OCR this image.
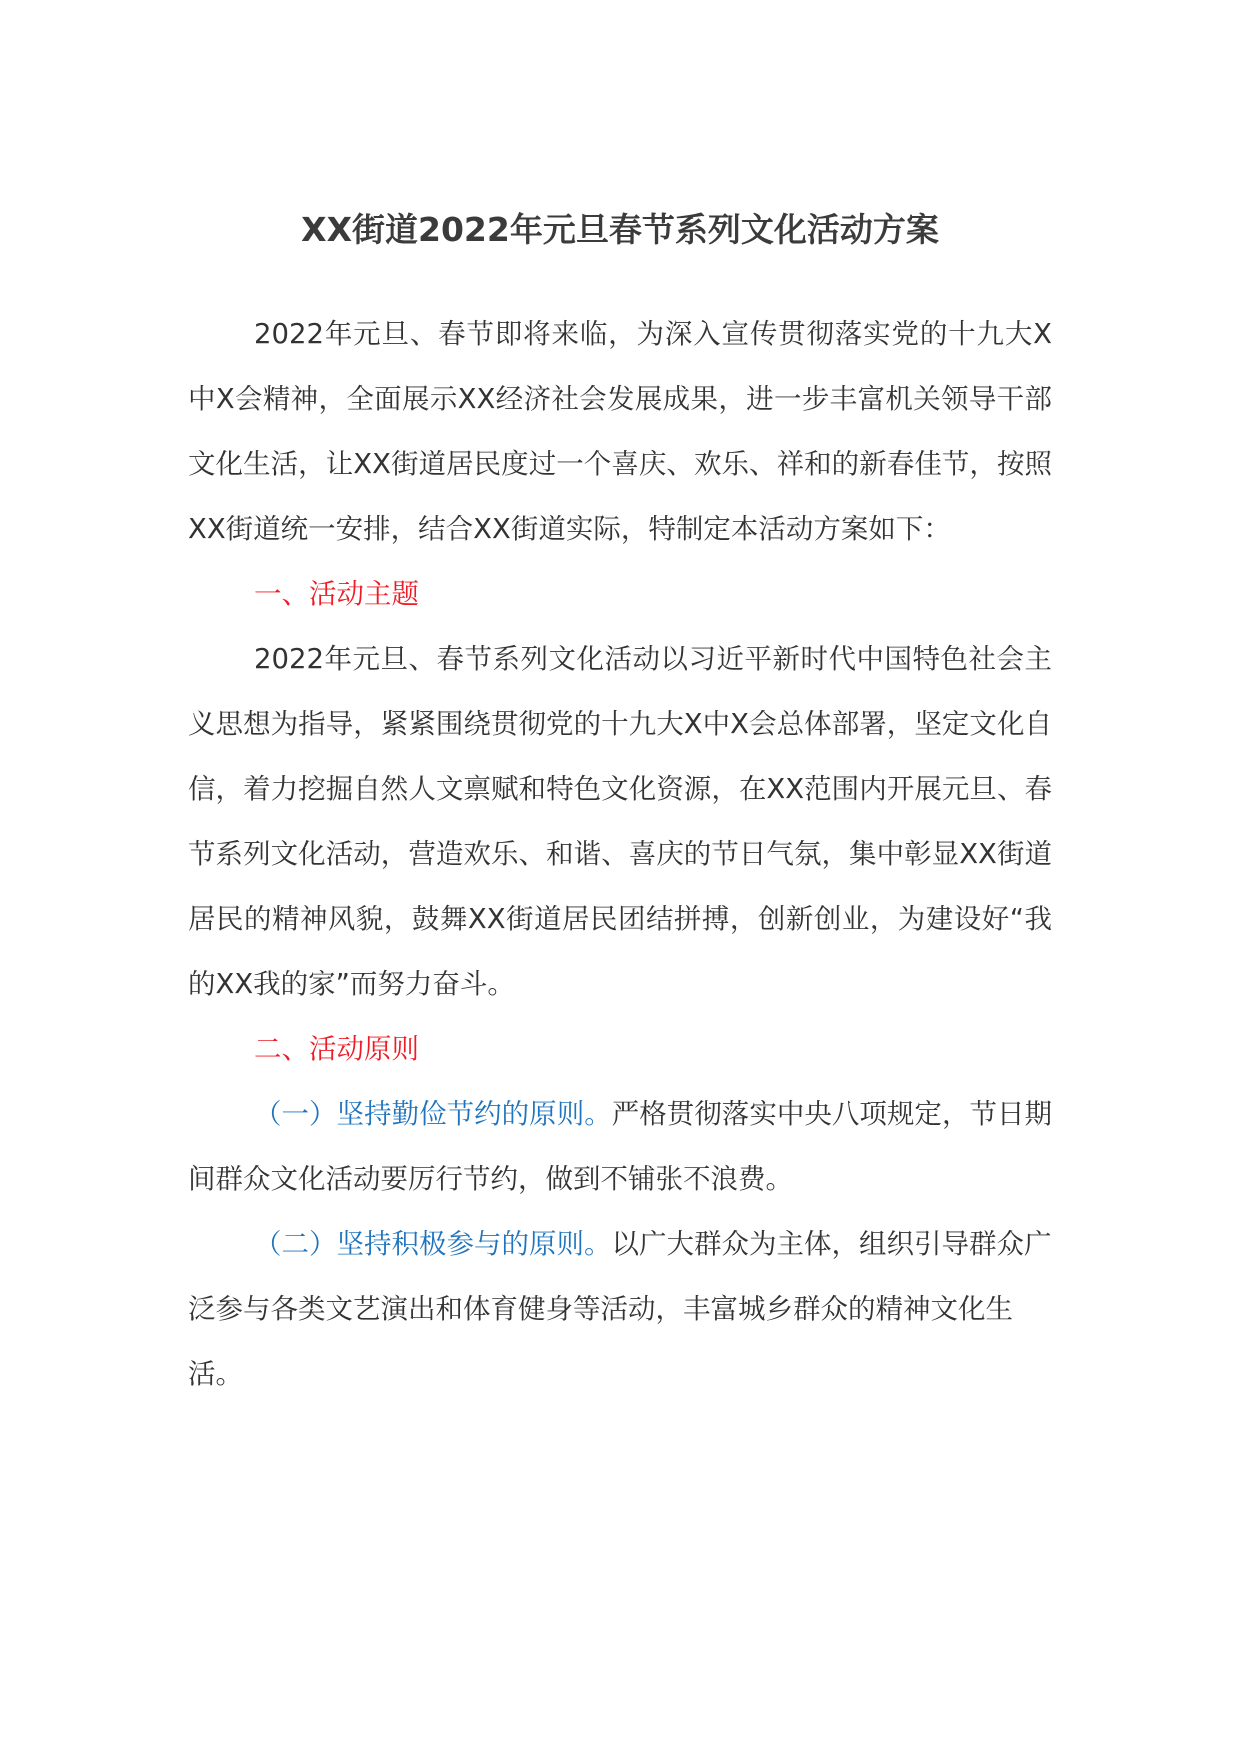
XX街道2022年元旦春节系列文化活动方案

2022年元旦、春节即将来临，为深入宣传贯彻落实党的十九大X中X会精神，全面展示XX经济社会发展成果，进一步丰富机关领导干部文化生活，让XX街道居民度过一个喜庆、欢乐、祥和的新春佳节，按照XX街道统一安排，结合XX街道实际，特制定本活动方案如下：

一、活动主题

2022年元旦、春节系列文化活动以习近平新时代中国特色社会主义思想为指导，紧紧围绕贯彻党的十九大X中X会总体部署，坚定文化自信，着力挖掘自然人文禀赋和特色文化资源，在XX范围内开展元旦、春节系列文化活动，营造欢乐、和谐、喜庆的节日气氛，集中彰显XX街道居民的精神风貌，鼓舞XX街道居民团结拼搏，创新创业，为建设好“我的XX我的家”而努力奋斗。

二、活动原则

（一）坚持勤俭节约的原则。严格贯彻落实中央八项规定，节日期间群众文化活动要厉行节约，做到不铺张不浪费。

（二）坚持积极参与的原则。以广大群众为主体，组织引导群众广泛参与各类文艺演出和体育健身等活动，丰富城乡群众的精神文化生活。
